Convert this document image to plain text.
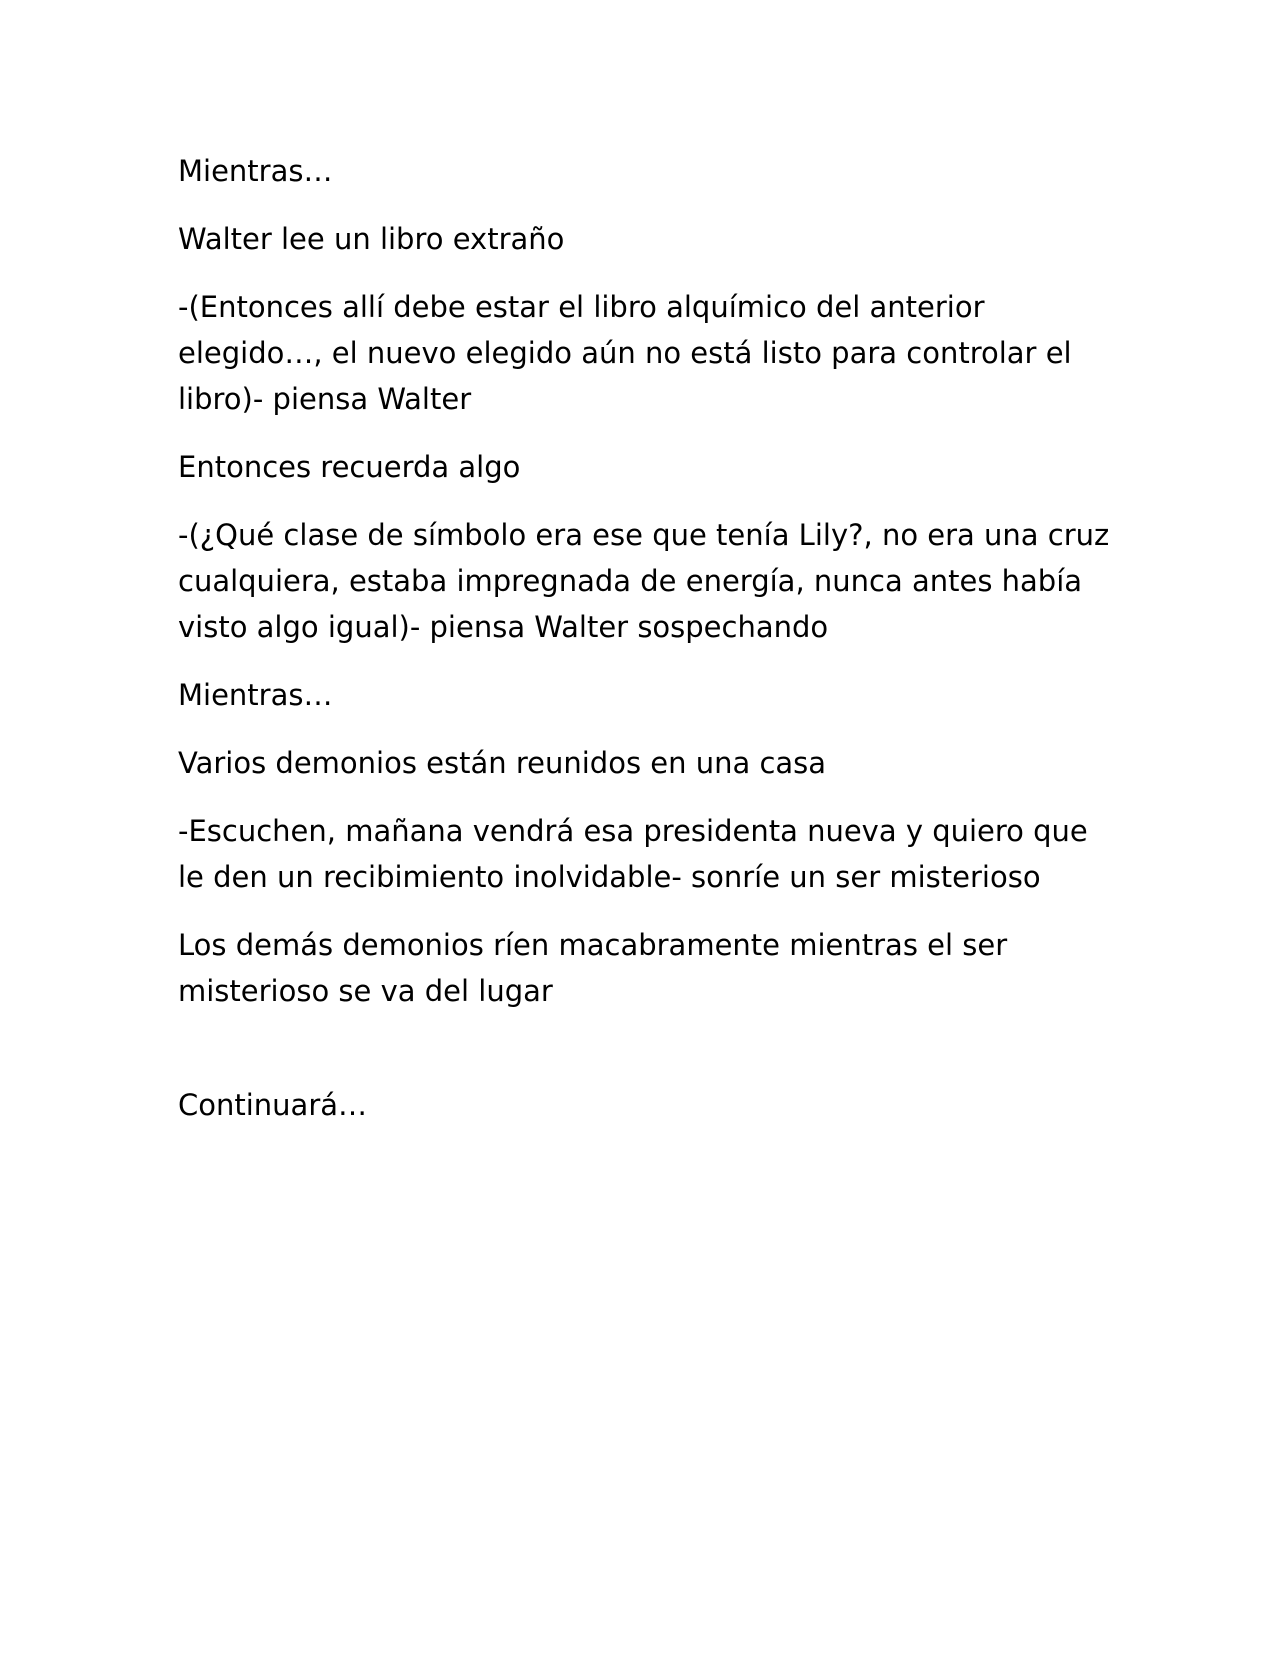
Mientras…

Walter lee un libro extraño

-(Entonces allí debe estar el libro alquímico del anterior elegido…, el nuevo elegido aún no está listo para controlar el libro)- piensa Walter

Entonces recuerda algo

-(¿Qué clase de símbolo era ese que tenía Lily?, no era una cruz cualquiera, estaba impregnada de energía, nunca antes había visto algo igual)- piensa Walter sospechando

Mientras…

Varios demonios están reunidos en una casa

-Escuchen, mañana vendrá esa presidenta nueva y quiero que le den un recibimiento inolvidable- sonríe un ser misterioso

Los demás demonios ríen macabramente mientras el ser misterioso se va del lugar

Continuará…
